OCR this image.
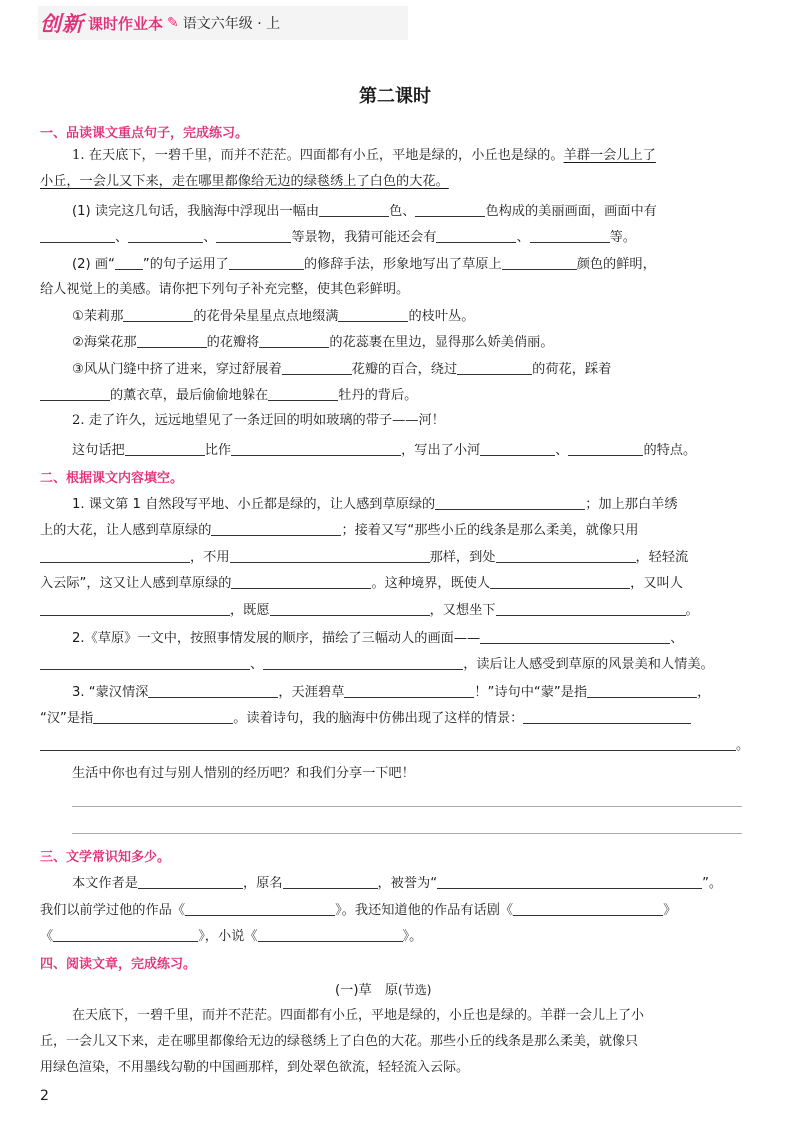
创新 课时作业本 ✎ 语文六年级 · 上
第二课时
一、品读课文重点句子，完成练习。
1. 在天底下，一碧千里，而并不茫茫。四面都有小丘，平地是绿的，小丘也是绿的。羊群一会儿上了
小丘，一会儿又下来，走在哪里都像给无边的绿毯绣上了白色的大花。
(1) 读完这几句话，我脑海中浮现出一幅由	色、	色构成的美丽画面，画面中有
、	、	等景物，我猜可能还会有	、	等。
(2) 画“ ”的句子运用了	的修辞手法，形象地写出了草原上	颜色的鲜明，
给人视觉上的美感。请你把下列句子补充完整，使其色彩鲜明。
①茉莉那	的花骨朵星星点点地缀满	的枝叶丛。
②海棠花那	的花瓣将	的花蕊裹在里边，显得那么娇美俏丽。
③风从门缝中挤了进来，穿过舒展着	花瓣的百合，绕过	的荷花，踩着
的薰衣草，最后偷偷地躲在	牡丹的背后。
2. 走了许久，远远地望见了一条迂回的明如玻璃的带子——河！
这句话把	比作	，写出了小河	、	的特点。
二、根据课文内容填空。
1. 课文第 1 自然段写平地、小丘都是绿的，让人感到草原绿的	；加上那白羊绣
上的大花，让人感到草原绿的	；接着又写“那些小丘的线条是那么柔美，就像只用
，不用	那样，到处	，轻轻流
入云际”，这又让人感到草原绿的	。这种境界，既使人	，又叫人
，既愿	，又想坐下	。
2.《草原》一文中，按照事情发展的顺序，描绘了三幅动人的画面——	、
、	，读后让人感受到草原的风景美和人情美。
3. “蒙汉情深	，天涯碧草	！”诗句中“蒙”是指	，
“汉”是指	。读着诗句，我的脑海中仿佛出现了这样的情景：
。
生活中你也有过与别人惜别的经历吧？和我们分享一下吧！
三、文学常识知多少。
本文作者是	，原名	，被誉为“	”。
我们以前学过他的作品《	》。我还知道他的作品有话剧《	》
《	》，小说《	》。
四、阅读文章，完成练习。
(一)草　原(节选)
在天底下，一碧千里，而并不茫茫。四面都有小丘，平地是绿的，小丘也是绿的。羊群一会儿上了小
丘，一会儿又下来，走在哪里都像给无边的绿毯绣上了白色的大花。那些小丘的线条是那么柔美，就像只
用绿色渲染，不用墨线勾勒的中国画那样，到处翠色欲流，轻轻流入云际。
2
